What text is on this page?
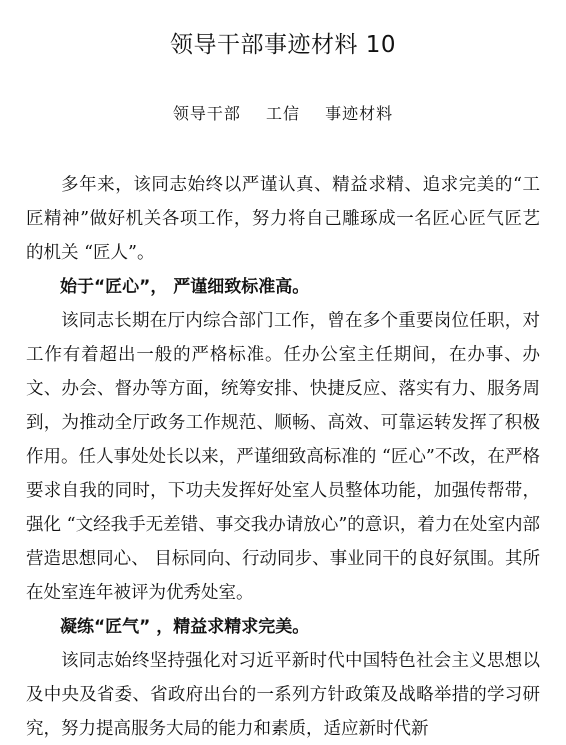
领导干部事迹材料 10
领导干部 工信 事迹材料

多年来，该同志始终以严谨认真、精益求精、追求完美的“工匠精神”做好机关各项工作，努力将自己雕琢成一名匠心匠气匠艺的机关 “匠人”。

始于“匠心”， 严谨细致标准高。

该同志长期在厅内综合部门工作，曾在多个重要岗位任职，对工作有着超出一般的严格标准。任办公室主任期间，在办事、办文、办会、督办等方面，统筹安排、快捷反应、落实有力、服务周到，为推动全厅政务工作规范、顺畅、高效、可靠运转发挥了积极作用。任人事处处长以来，严谨细致高标准的 “匠心”不改，在严格要求自我的同时，下功夫发挥好处室人员整体功能，加强传帮带，强化 “文经我手无差错、事交我办请放心”的意识，着力在处室内部营造思想同心、 目标同向、行动同步、事业同干的良好氛围。其所在处室连年被评为优秀处室。

凝练“匠气” ，精益求精求完美。

该同志始终坚持强化对习近平新时代中国特色社会主义思想以及中央及省委、省政府出台的一系列方针政策及战略举措的学习研究，努力提高服务大局的能力和素质，适应新时代新
